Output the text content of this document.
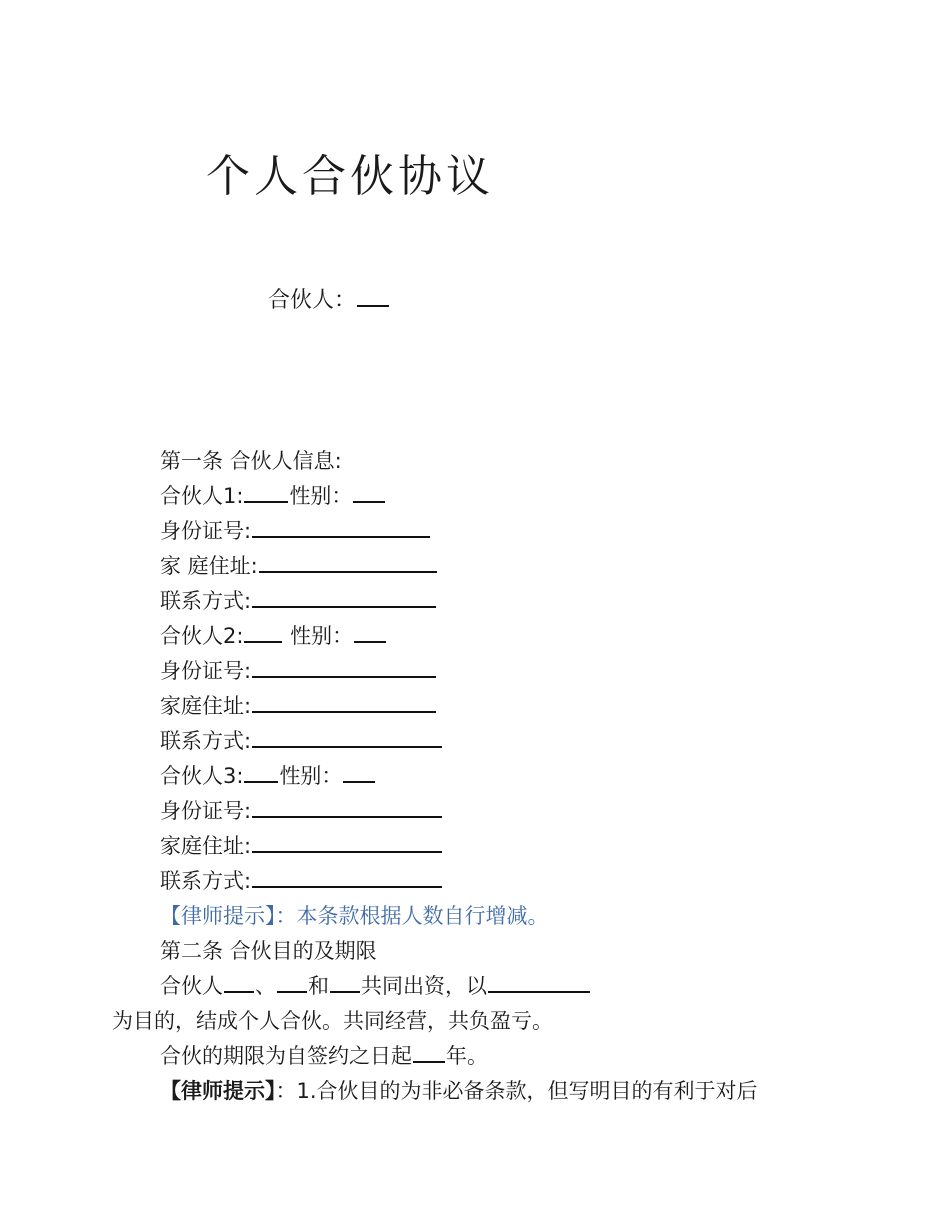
个人合伙协议
合伙人：
第一条 合伙人信息:
合伙人1: 性别：
身份证号:
家 庭住址:
联系方式:
合伙人2: 性别：
身份证号:
家庭住址:
联系方式:
合伙人3: 性别：
身份证号:
家庭住址:
联系方式:
【律师提示】：本条款根据人数自行增减。
第二条 合伙目的及期限
合伙人 、 和 共同出资，以
为目的，结成个人合伙。共同经营，共负盈亏。
合伙的期限为自签约之日起 年。
【律师提示】：1.合伙目的为非必备条款，但写明目的有利于对后
